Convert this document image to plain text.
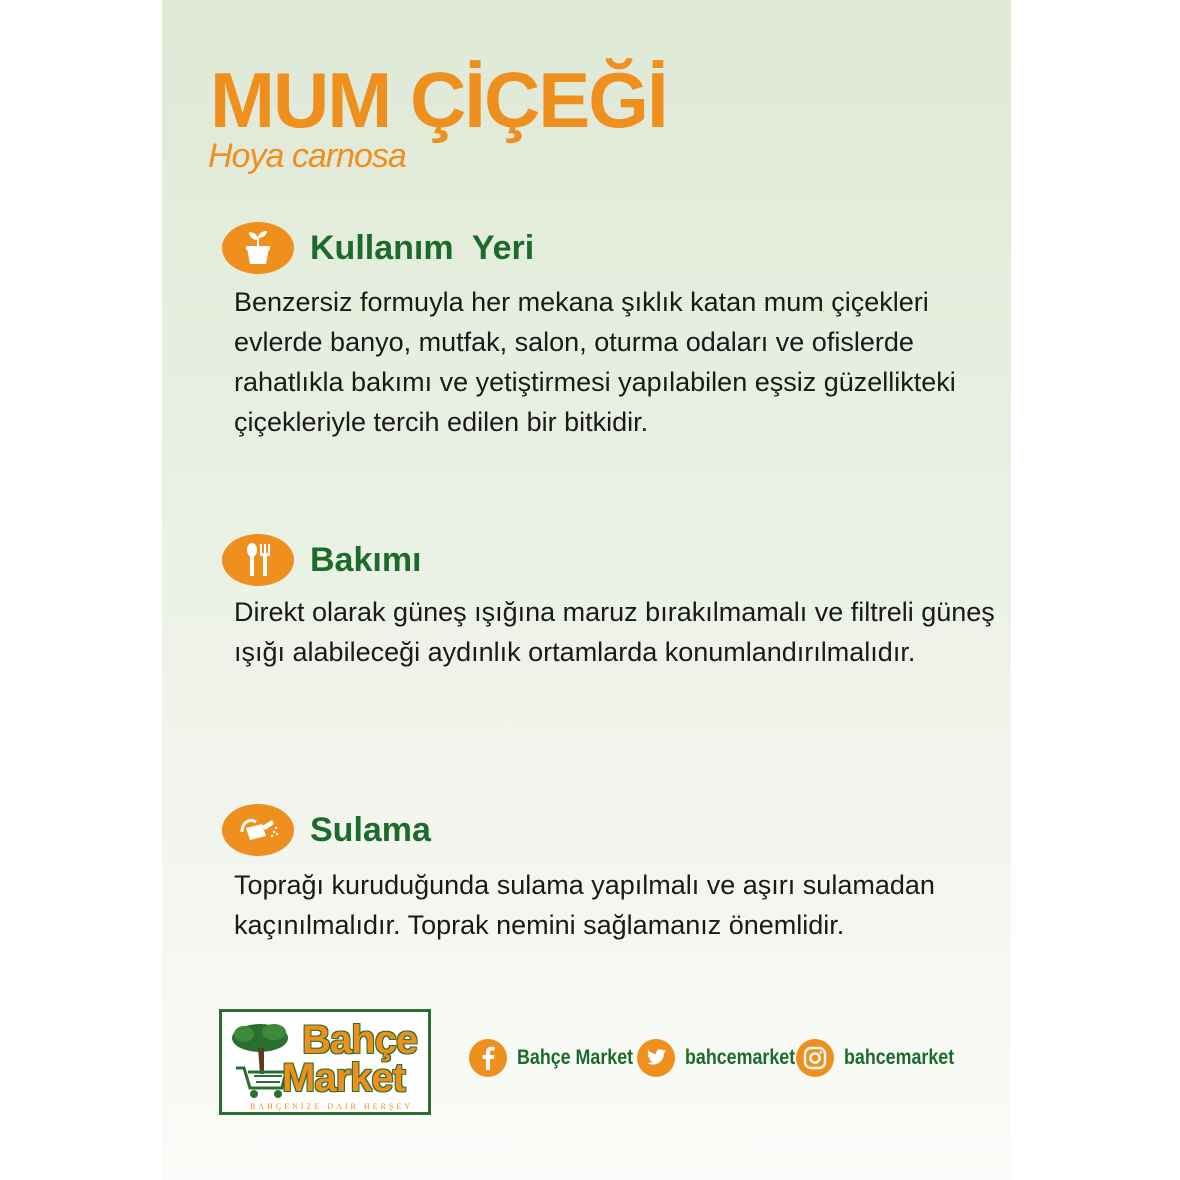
MUM ÇİÇEĞİ
Hoya carnosa
Kullanım  Yeri
Benzersiz formuyla her mekana şıklık katan mum çiçekleri evlerde banyo, mutfak, salon, oturma odaları ve ofislerde rahatlıkla bakımı ve yetiştirmesi yapılabilen eşsiz güzellikteki çiçekleriyle tercih edilen bir bitkidir.
Bakımı
Direkt olarak güneş ışığına maruz bırakılmamalı ve filtreli güneş ışığı alabileceği aydınlık ortamlarda konumlandırılmalıdır.
Sulama
Toprağı kuruduğunda sulama yapılmalı ve aşırı sulamadan kaçınılmalıdır. Toprak nemini sağlamanız önemlidir.
Bahçe
Market
BAHÇENİZE DAİR HERŞEY
Bahçe Market bahcemarket bahcemarket
